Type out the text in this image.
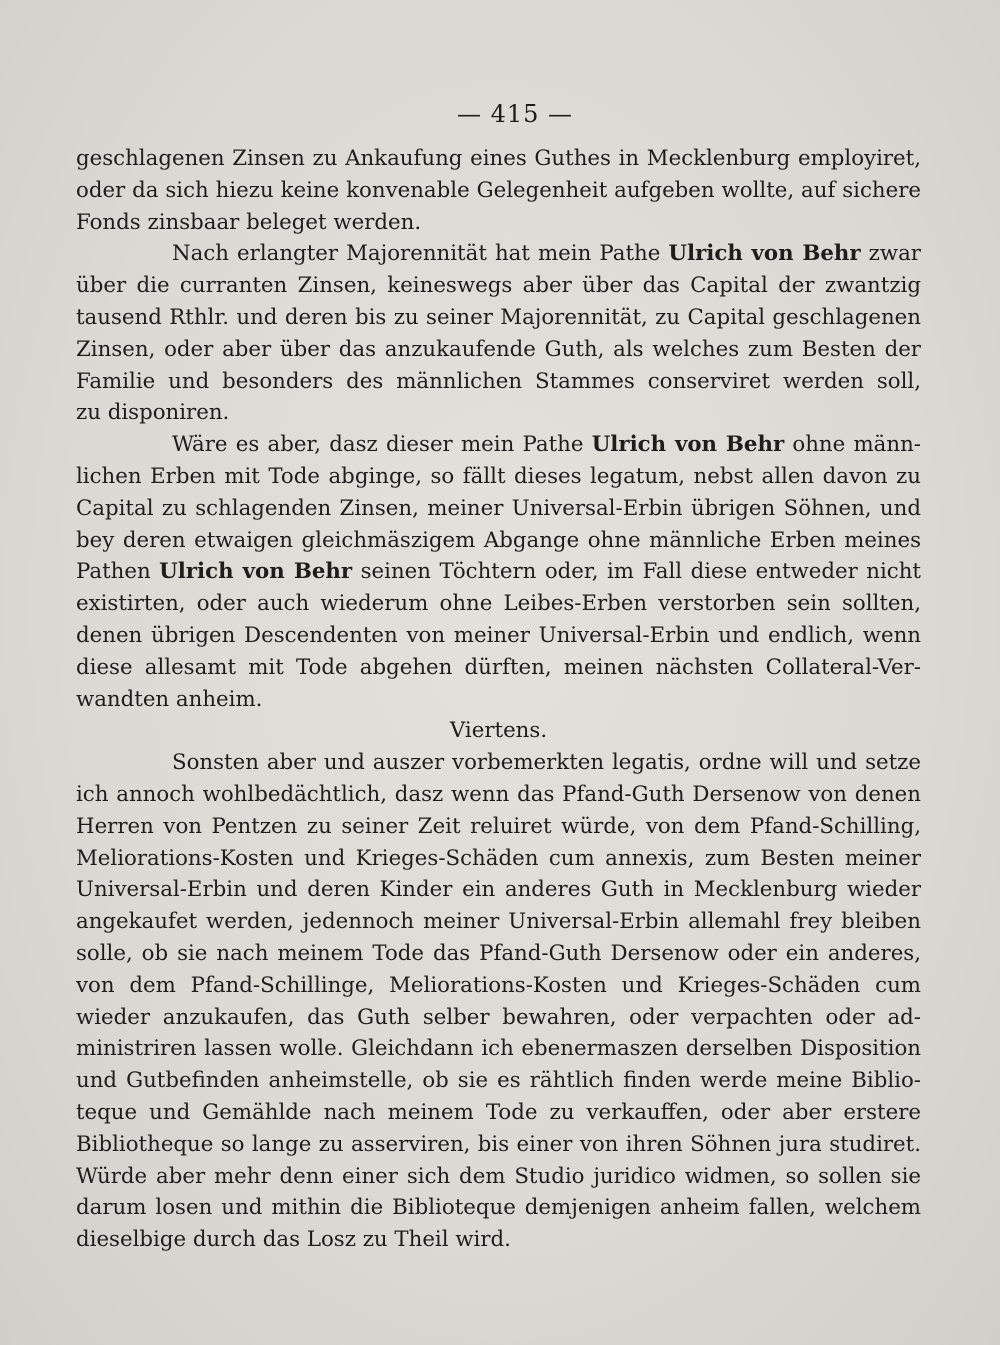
— 415 —
geschlagenen Zinsen zu Ankaufung eines Guthes in Mecklenburg employiret,
oder da sich hiezu keine konvenable Gelegenheit aufgeben wollte, auf sichere
Fonds zinsbaar beleget werden.
Nach erlangter Majorennität hat mein Pathe Ulrich von Behr zwar
über die curranten Zinsen, keineswegs aber über das Capital der zwantzig
tausend Rthlr. und deren bis zu seiner Majorennität, zu Capital geschlagenen
Zinsen, oder aber über das anzukaufende Guth, als welches zum Besten der
Familie und besonders des männlichen Stammes conserviret werden soll,
zu disponiren.
Wäre es aber, dasz dieser mein Pathe Ulrich von Behr ohne männ-
lichen Erben mit Tode abginge, so fällt dieses legatum, nebst allen davon zu
Capital zu schlagenden Zinsen, meiner Universal-Erbin übrigen Söhnen, und
bey deren etwaigen gleichmäszigem Abgange ohne männliche Erben meines
Pathen Ulrich von Behr seinen Töchtern oder, im Fall diese entweder nicht
existirten, oder auch wiederum ohne Leibes-Erben verstorben sein sollten,
denen übrigen Descendenten von meiner Universal-Erbin und endlich, wenn
diese allesamt mit Tode abgehen dürften, meinen nächsten Collateral-Ver-
wandten anheim.
Viertens.
Sonsten aber und auszer vorbemerkten legatis, ordne will und setze
ich annoch wohlbedächtlich, dasz wenn das Pfand-Guth Dersenow von denen
Herren von Pentzen zu seiner Zeit reluiret würde, von dem Pfand-Schilling,
Meliorations-Kosten und Krieges-Schäden cum annexis, zum Besten meiner
Universal-Erbin und deren Kinder ein anderes Guth in Mecklenburg wieder
angekaufet werden, jedennoch meiner Universal-Erbin allemahl frey bleiben
solle, ob sie nach meinem Tode das Pfand-Guth Dersenow oder ein anderes,
von dem Pfand-Schillinge, Meliorations-Kosten und Krieges-Schäden cum
wieder anzukaufen, das Guth selber bewahren, oder verpachten oder ad-
ministriren lassen wolle. Gleichdann ich ebenermaszen derselben Disposition
und Gutbefinden anheimstelle, ob sie es rähtlich finden werde meine Biblio-
teque und Gemählde nach meinem Tode zu verkauffen, oder aber erstere
Bibliotheque so lange zu asserviren, bis einer von ihren Söhnen jura studiret.
Würde aber mehr denn einer sich dem Studio juridico widmen, so sollen sie
darum losen und mithin die Biblioteque demjenigen anheim fallen, welchem
dieselbige durch das Losz zu Theil wird.
